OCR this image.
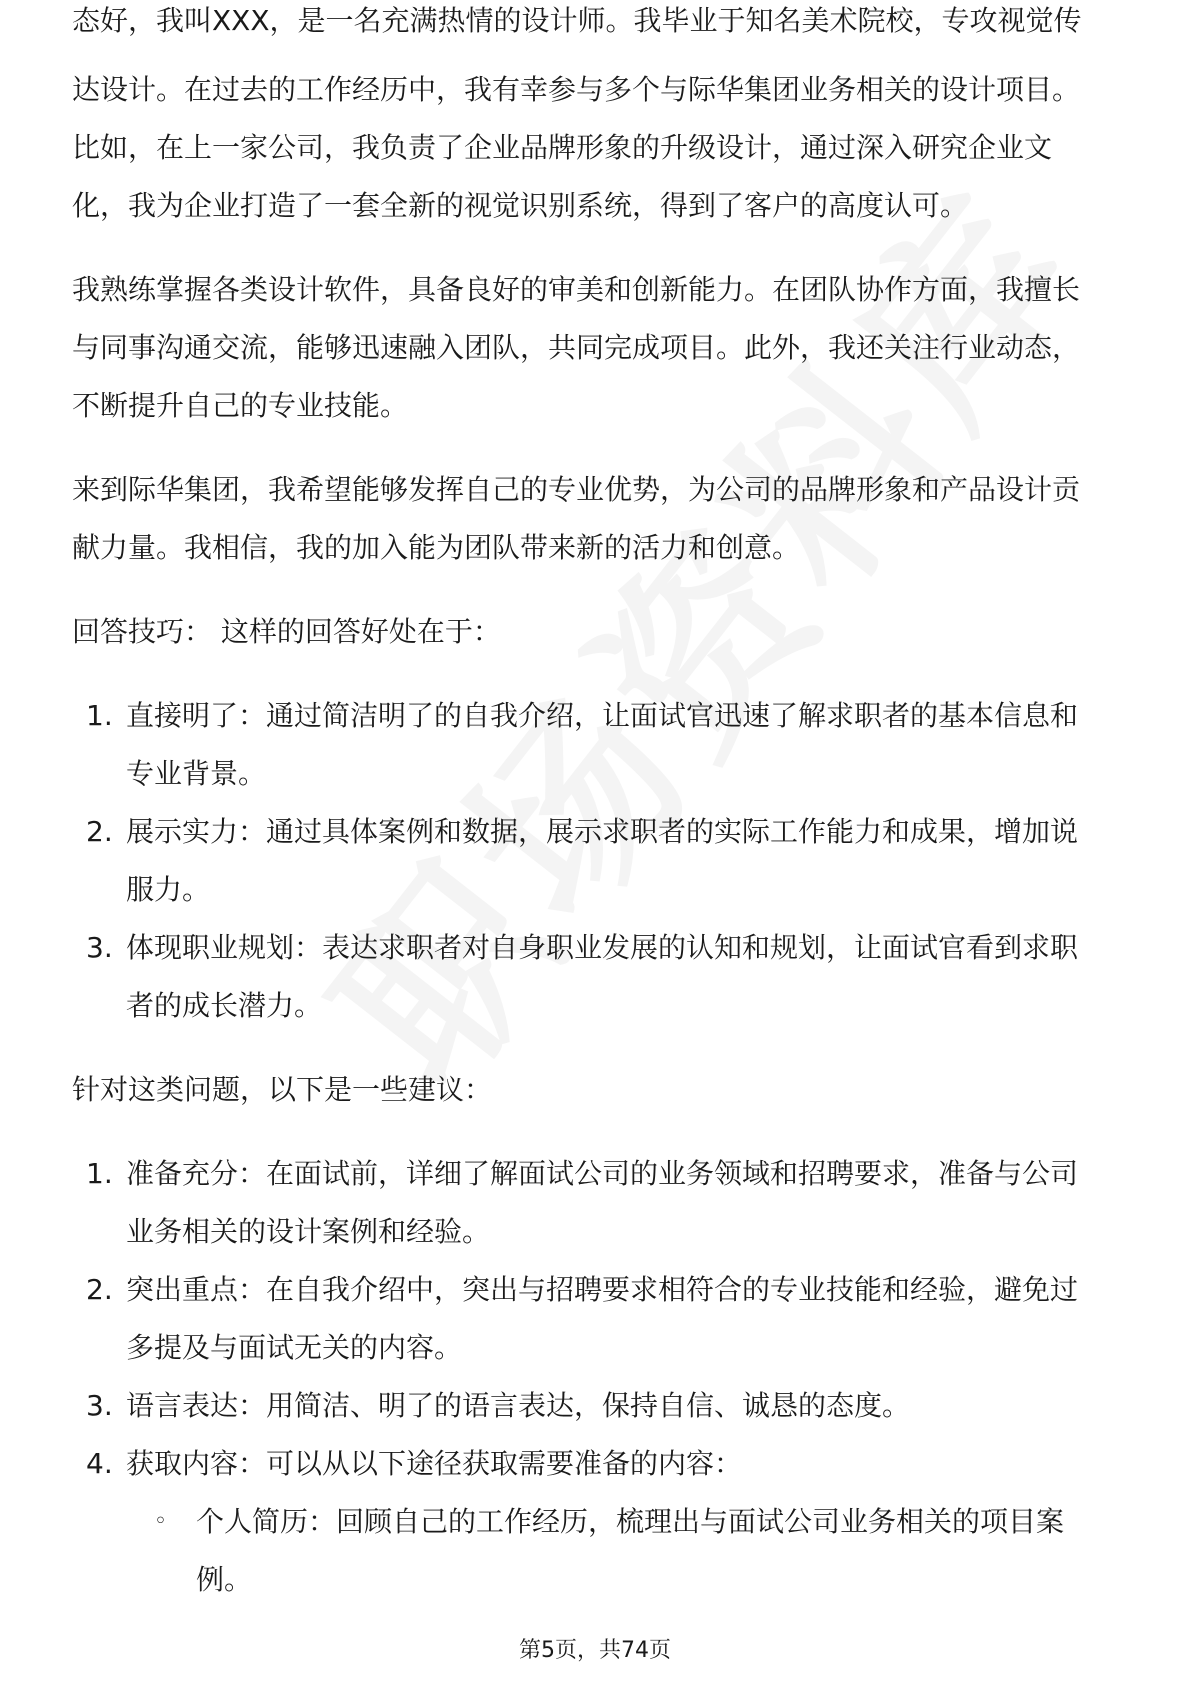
态好，我叫XXX，是一名充满热情的设计师。我毕业于知名美术院校，专攻视觉传

达设计。在过去的工作经历中，我有幸参与多个与际华集团业务相关的设计项目。

比如，在上一家公司，我负责了企业品牌形象的升级设计，通过深入研究企业文

化，我为企业打造了一套全新的视觉识别系统，得到了客户的高度认可。

我熟练掌握各类设计软件，具备良好的审美和创新能力。在团队协作方面，我擅长

与同事沟通交流，能够迅速融入团队，共同完成项目。此外，我还关注行业动态，

不断提升自己的专业技能。

来到际华集团，我希望能够发挥自己的专业优势，为公司的品牌形象和产品设计贡

献力量。我相信，我的加入能为团队带来新的活力和创意。

回答技巧： 这样的回答好处在于：

1. 直接明了：通过简洁明了的自我介绍，让面试官迅速了解求职者的基本信息和

专业背景。

2. 展示实力：通过具体案例和数据，展示求职者的实际工作能力和成果，增加说

服力。

3. 体现职业规划：表达求职者对自身职业发展的认知和规划，让面试官看到求职

者的成长潜力。

针对这类问题，以下是一些建议：

1. 准备充分：在面试前，详细了解面试公司的业务领域和招聘要求，准备与公司

业务相关的设计案例和经验。

2. 突出重点：在自我介绍中，突出与招聘要求相符合的专业技能和经验，避免过

多提及与面试无关的内容。

3. 语言表达：用简洁、明了的语言表达，保持自信、诚恳的态度。

4. 获取内容：可以从以下途径获取需要准备的内容：

◦ 个人简历：回顾自己的工作经历，梳理出与面试公司业务相关的项目案

例。

第5页，共74页
